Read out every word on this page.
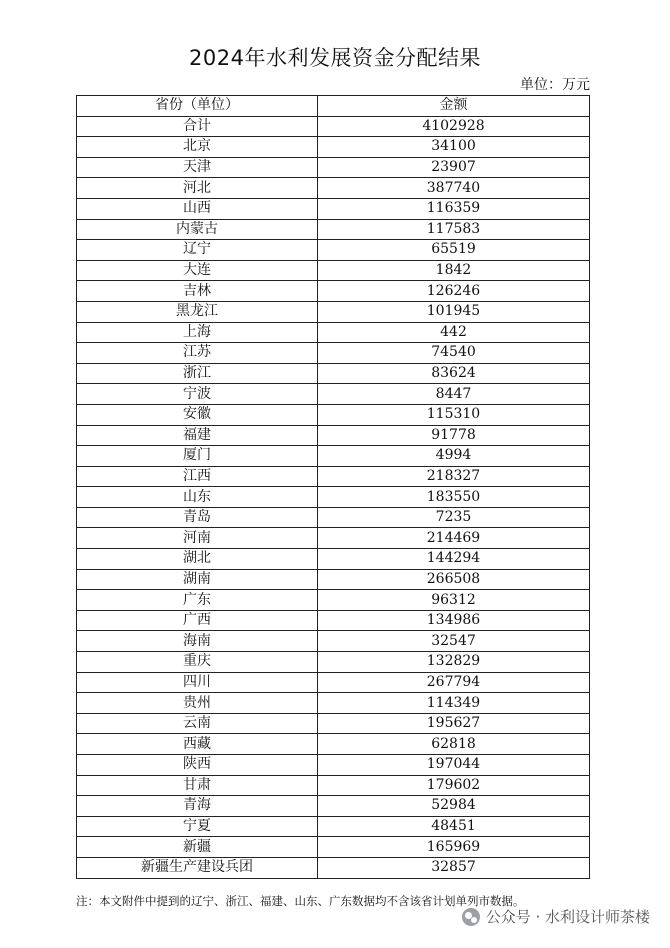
2024年水利发展资金分配结果
单位：万元
省份（单位）	金额
合计	4102928
北京	34100
天津	23907
河北	387740
山西	116359
内蒙古	117583
辽宁	65519
大连	1842
吉林	126246
黑龙江	101945
上海	442
江苏	74540
浙江	83624
宁波	8447
安徽	115310
福建	91778
厦门	4994
江西	218327
山东	183550
青岛	7235
河南	214469
湖北	144294
湖南	266508
广东	96312
广西	134986
海南	32547
重庆	132829
四川	267794
贵州	114349
云南	195627
西藏	62818
陕西	197044
甘肃	179602
青海	52984
宁夏	48451
新疆	165969
新疆生产建设兵团	32857
注：本文附件中提到的辽宁、浙江、福建、山东、广东数据均不含该省计划单列市数据。
公众号 · 水利设计师茶楼
